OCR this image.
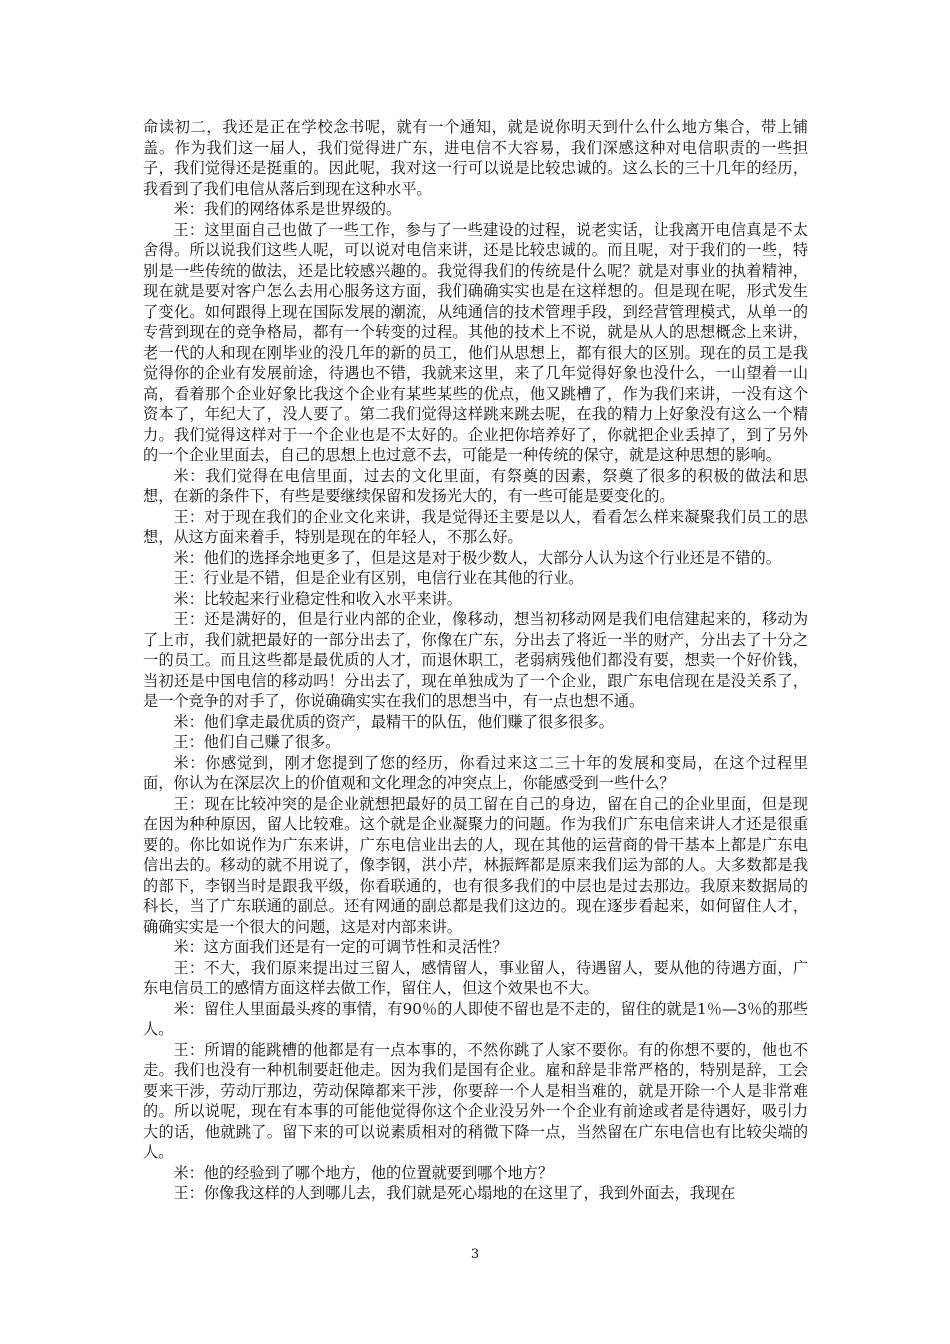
命读初二，我还是正在学校念书呢，就有一个通知，就是说你明天到什么什么地方集合，带上铺盖。作为我们这一届人，我们觉得进广东，进电信不大容易，我们深感这种对电信职责的一些担子，我们觉得还是挺重的。因此呢，我对这一行可以说是比较忠诚的。这么长的三十几年的经历，我看到了我们电信从落后到现在这种水平。

米：我们的网络体系是世界级的。

王：这里面自己也做了一些工作，参与了一些建设的过程，说老实话，让我离开电信真是不太舍得。所以说我们这些人呢，可以说对电信来讲，还是比较忠诚的。而且呢，对于我们的一些，特别是一些传统的做法，还是比较感兴趣的。我觉得我们的传统是什么呢？就是对事业的执着精神，现在就是要对客户怎么去用心服务这方面，我们确确实实也是在这样想的。但是现在呢，形式发生了变化。如何跟得上现在国际发展的潮流，从纯通信的技术管理手段，到经营管理模式，从单一的专营到现在的竞争格局，都有一个转变的过程。其他的技术上不说，就是从人的思想概念上来讲，老一代的人和现在刚毕业的没几年的新的员工，他们从思想上，都有很大的区别。现在的员工是我觉得你的企业有发展前途，待遇也不错，我就来这里，来了几年觉得好象也没什么，一山望着一山高，看着那个企业好象比我这个企业有某些某些的优点，他又跳槽了，作为我们来讲，一没有这个资本了，年纪大了，没人要了。第二我们觉得这样跳来跳去呢，在我的精力上好象没有这么一个精力。我们觉得这样对于一个企业也是不太好的。企业把你培养好了，你就把企业丢掉了，到了另外的一个企业里面去，自己的思想上也过意不去，可能是一种传统的保守，就是这种思想的影响。

米：我们觉得在电信里面，过去的文化里面，有祭奠的因素，祭奠了很多的积极的做法和思想，在新的条件下，有些是要继续保留和发扬光大的，有一些可能是要变化的。

王：对于现在我们的企业文化来讲，我是觉得还主要是以人，看看怎么样来凝聚我们员工的思想，从这方面来着手，特别是现在的年轻人，不那么好。

米：他们的选择余地更多了，但是这是对于极少数人，大部分人认为这个行业还是不错的。

王：行业是不错，但是企业有区别，电信行业在其他的行业。

米：比较起来行业稳定性和收入水平来讲。

王：还是满好的，但是行业内部的企业，像移动，想当初移动网是我们电信建起来的，移动为了上市，我们就把最好的一部分出去了，你像在广东，分出去了将近一半的财产，分出去了十分之一的员工。而且这些都是最优质的人才，而退休职工，老弱病残他们都没有要，想卖一个好价钱，当初还是中国电信的移动吗！分出去了，现在单独成为了一个企业，跟广东电信现在是没关系了，是一个竞争的对手了，你说确确实实在我们的思想当中，有一点也想不通。

米：他们拿走最优质的资产，最精干的队伍，他们赚了很多很多。

王：他们自己赚了很多。

米：你感觉到，刚才您提到了您的经历，你看过来这二三十年的发展和变局，在这个过程里面，你认为在深层次上的价值观和文化理念的冲突点上，你能感受到一些什么？

王：现在比较冲突的是企业就想把最好的员工留在自己的身边，留在自己的企业里面，但是现在因为种种原因，留人比较难。这个就是企业凝聚力的问题。作为我们广东电信来讲人才还是很重要的。你比如说作为广东来讲，广东电信业出去的人，现在其他的运营商的骨干基本上都是广东电信出去的。移动的就不用说了，像李钢，洪小芹，林振辉都是原来我们运为部的人。大多数都是我的部下，李钢当时是跟我平级，你看联通的，也有很多我们的中层也是过去那边。我原来数据局的科长，当了广东联通的副总。还有网通的副总都是我们这边的。现在逐步看起来，如何留住人才，确确实实是一个很大的问题，这是对内部来讲。

米：这方面我们还是有一定的可调节性和灵活性？

王：不大，我们原来提出过三留人，感情留人，事业留人，待遇留人，要从他的待遇方面，广东电信员工的感情方面这样去做工作，留住人，但这个效果也不大。

米：留住人里面最头疼的事情，有90％的人即使不留也是不走的，留住的就是1％—3％的那些人。

王：所谓的能跳槽的他都是有一点本事的，不然你跳了人家不要你。有的你想不要的，他也不走。我们也没有一种机制要赶他走。因为我们是国有企业。雇和辞是非常严格的，特别是辞，工会要来干涉，劳动厅那边，劳动保障都来干涉，你要辞一个人是相当难的，就是开除一个人是非常难的。所以说呢，现在有本事的可能他觉得你这个企业没另外一个企业有前途或者是待遇好，吸引力大的话，他就跳了。留下来的可以说素质相对的稍微下降一点，当然留在广东电信也有比较尖端的人。

米：他的经验到了哪个地方，他的位置就要到哪个地方？

王：你像我这样的人到哪儿去，我们就是死心塌地的在这里了，我到外面去，我现在

3
